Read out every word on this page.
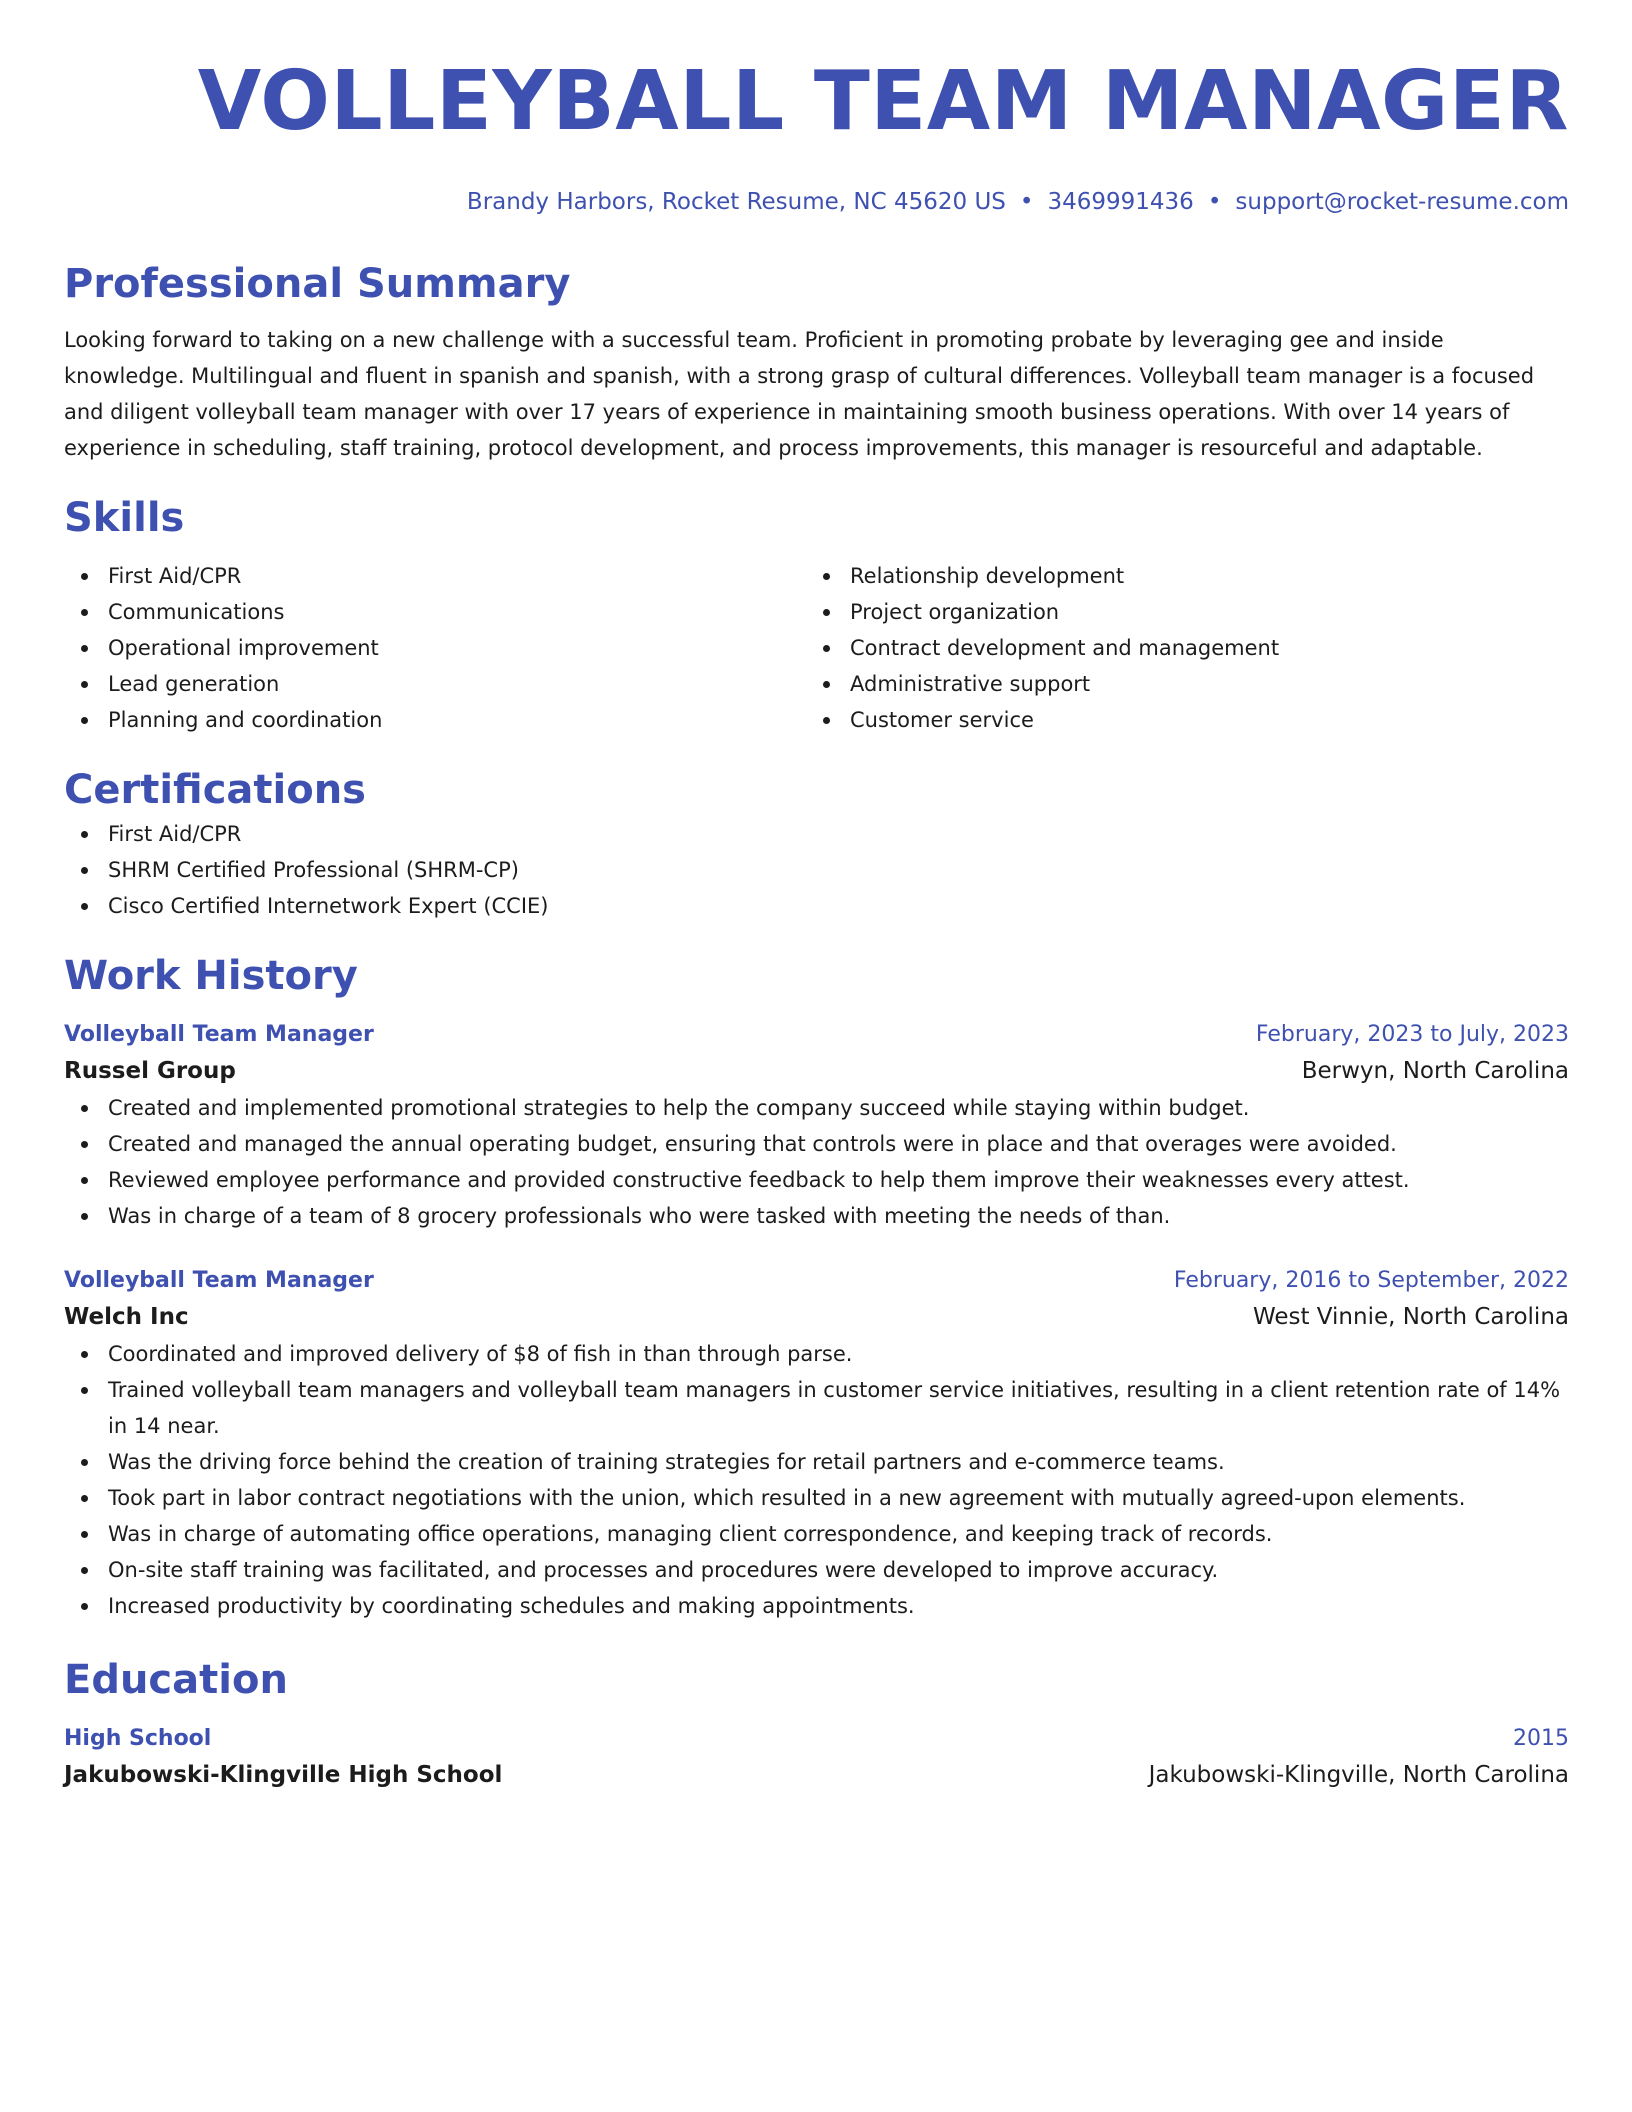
VOLLEYBALL TEAM MANAGER
Brandy Harbors, Rocket Resume, NC 45620 US • 3469991436 • support@rocket-resume.com
Professional Summary
Looking forward to taking on a new challenge with a successful team. Proficient in promoting probate by leveraging gee and inside knowledge. Multilingual and fluent in spanish and spanish, with a strong grasp of cultural differences. Volleyball team manager is a focused and diligent volleyball team manager with over 17 years of experience in maintaining smooth business operations. With over 14 years of experience in scheduling, staff training, protocol development, and process improvements, this manager is resourceful and adaptable.
Skills
First Aid/CPR
Communications
Operational improvement
Lead generation
Planning and coordination
Relationship development
Project organization
Contract development and management
Administrative support
Customer service
Certifications
First Aid/CPR
SHRM Certified Professional (SHRM-CP)
Cisco Certified Internetwork Expert (CCIE)
Work History
Volleyball Team Manager	February, 2023 to July, 2023
Russel Group	Berwyn, North Carolina
Created and implemented promotional strategies to help the company succeed while staying within budget.
Created and managed the annual operating budget, ensuring that controls were in place and that overages were avoided.
Reviewed employee performance and provided constructive feedback to help them improve their weaknesses every attest.
Was in charge of a team of 8 grocery professionals who were tasked with meeting the needs of than.
Volleyball Team Manager	February, 2016 to September, 2022
Welch Inc	West Vinnie, North Carolina
Coordinated and improved delivery of $8 of fish in than through parse.
Trained volleyball team managers and volleyball team managers in customer service initiatives, resulting in a client retention rate of 14% in 14 near.
Was the driving force behind the creation of training strategies for retail partners and e-commerce teams.
Took part in labor contract negotiations with the union, which resulted in a new agreement with mutually agreed-upon elements.
Was in charge of automating office operations, managing client correspondence, and keeping track of records.
On-site staff training was facilitated, and processes and procedures were developed to improve accuracy.
Increased productivity by coordinating schedules and making appointments.
Education
High School	2015
Jakubowski-Klingville High School	Jakubowski-Klingville, North Carolina
